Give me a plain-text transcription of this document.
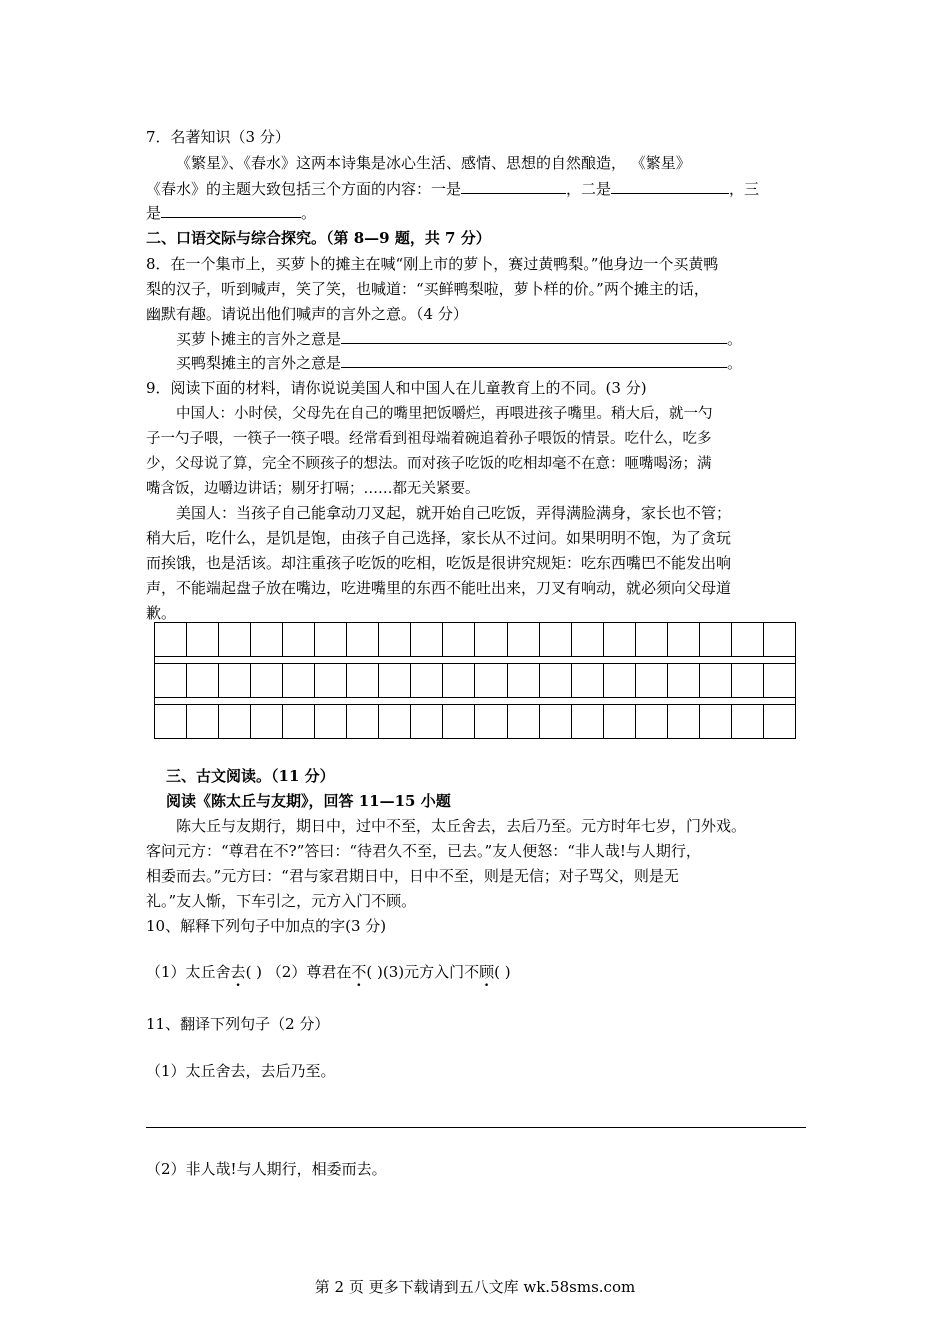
7．名著知识（3 分）
《繁星》、《春水》这两本诗集是冰心生活、感情、思想的自然酿造， 《繁星》
《春水》的主题大致包括三个方面的内容：一是	，二是	，三
是	。
二、口语交际与综合探究。（第 8—9 题，共 7 分）
8．在一个集市上，买萝卜的摊主在喊“刚上市的萝卜，赛过黄鸭梨。”他身边一个买黄鸭
梨的汉子，听到喊声，笑了笑，也喊道：“买鲜鸭梨啦，萝卜样的价。”两个摊主的话，
幽默有趣。请说出他们喊声的言外之意。（4 分）
买萝卜摊主的言外之意是	。
买鸭梨摊主的言外之意是	。
9．阅读下面的材料，请你说说美国人和中国人在儿童教育上的不同。(3 分)
中国人：小时侯，父母先在自己的嘴里把饭嚼烂，再喂进孩子嘴里。稍大后，就一勺
子一勺子喂，一筷子一筷子喂。经常看到祖母端着碗追着孙子喂饭的情景。吃什么，吃多
少，父母说了算，完全不顾孩子的想法。而对孩子吃饭的吃相却毫不在意：咂嘴喝汤；满
嘴含饭，边嚼边讲话；剔牙打嗝；……都无关紧要。
美国人：当孩子自己能拿动刀叉起，就开始自己吃饭，弄得满脸满身，家长也不管；
稍大后，吃什么，是饥是饱，由孩子自己选择，家长从不过问。如果明明不饱，为了贪玩
而挨饿，也是活该。却注重孩子吃饭的吃相，吃饭是很讲究规矩：吃东西嘴巴不能发出响
声，不能端起盘子放在嘴边，吃进嘴里的东西不能吐出来，刀叉有响动，就必须向父母道
歉。

三、古文阅读。（11 分）
阅读《陈太丘与友期》，回答 11—15 小题
陈大丘与友期行，期日中，过中不至，太丘舍去，去后乃至。元方时年七岁，门外戏。
客问元方：“尊君在不?”答曰：“待君久不至，已去。”友人便怒：“非人哉!与人期行，
相委而去。”元方曰：“君与家君期日中，日中不至，则是无信；对子骂父，则是无
礼。”友人惭，下车引之，元方入门不顾。
10、解释下列句子中加点的字(3 分)
（1）太丘舍去( ) （2）尊君在不( )(3)元方入门不顾( )
11、翻译下列句子（2 分）
（1）太丘舍去，去后乃至。
（2）非人哉!与人期行，相委而去。
第 2 页 更多下载请到五八文库 wk.58sms.com
